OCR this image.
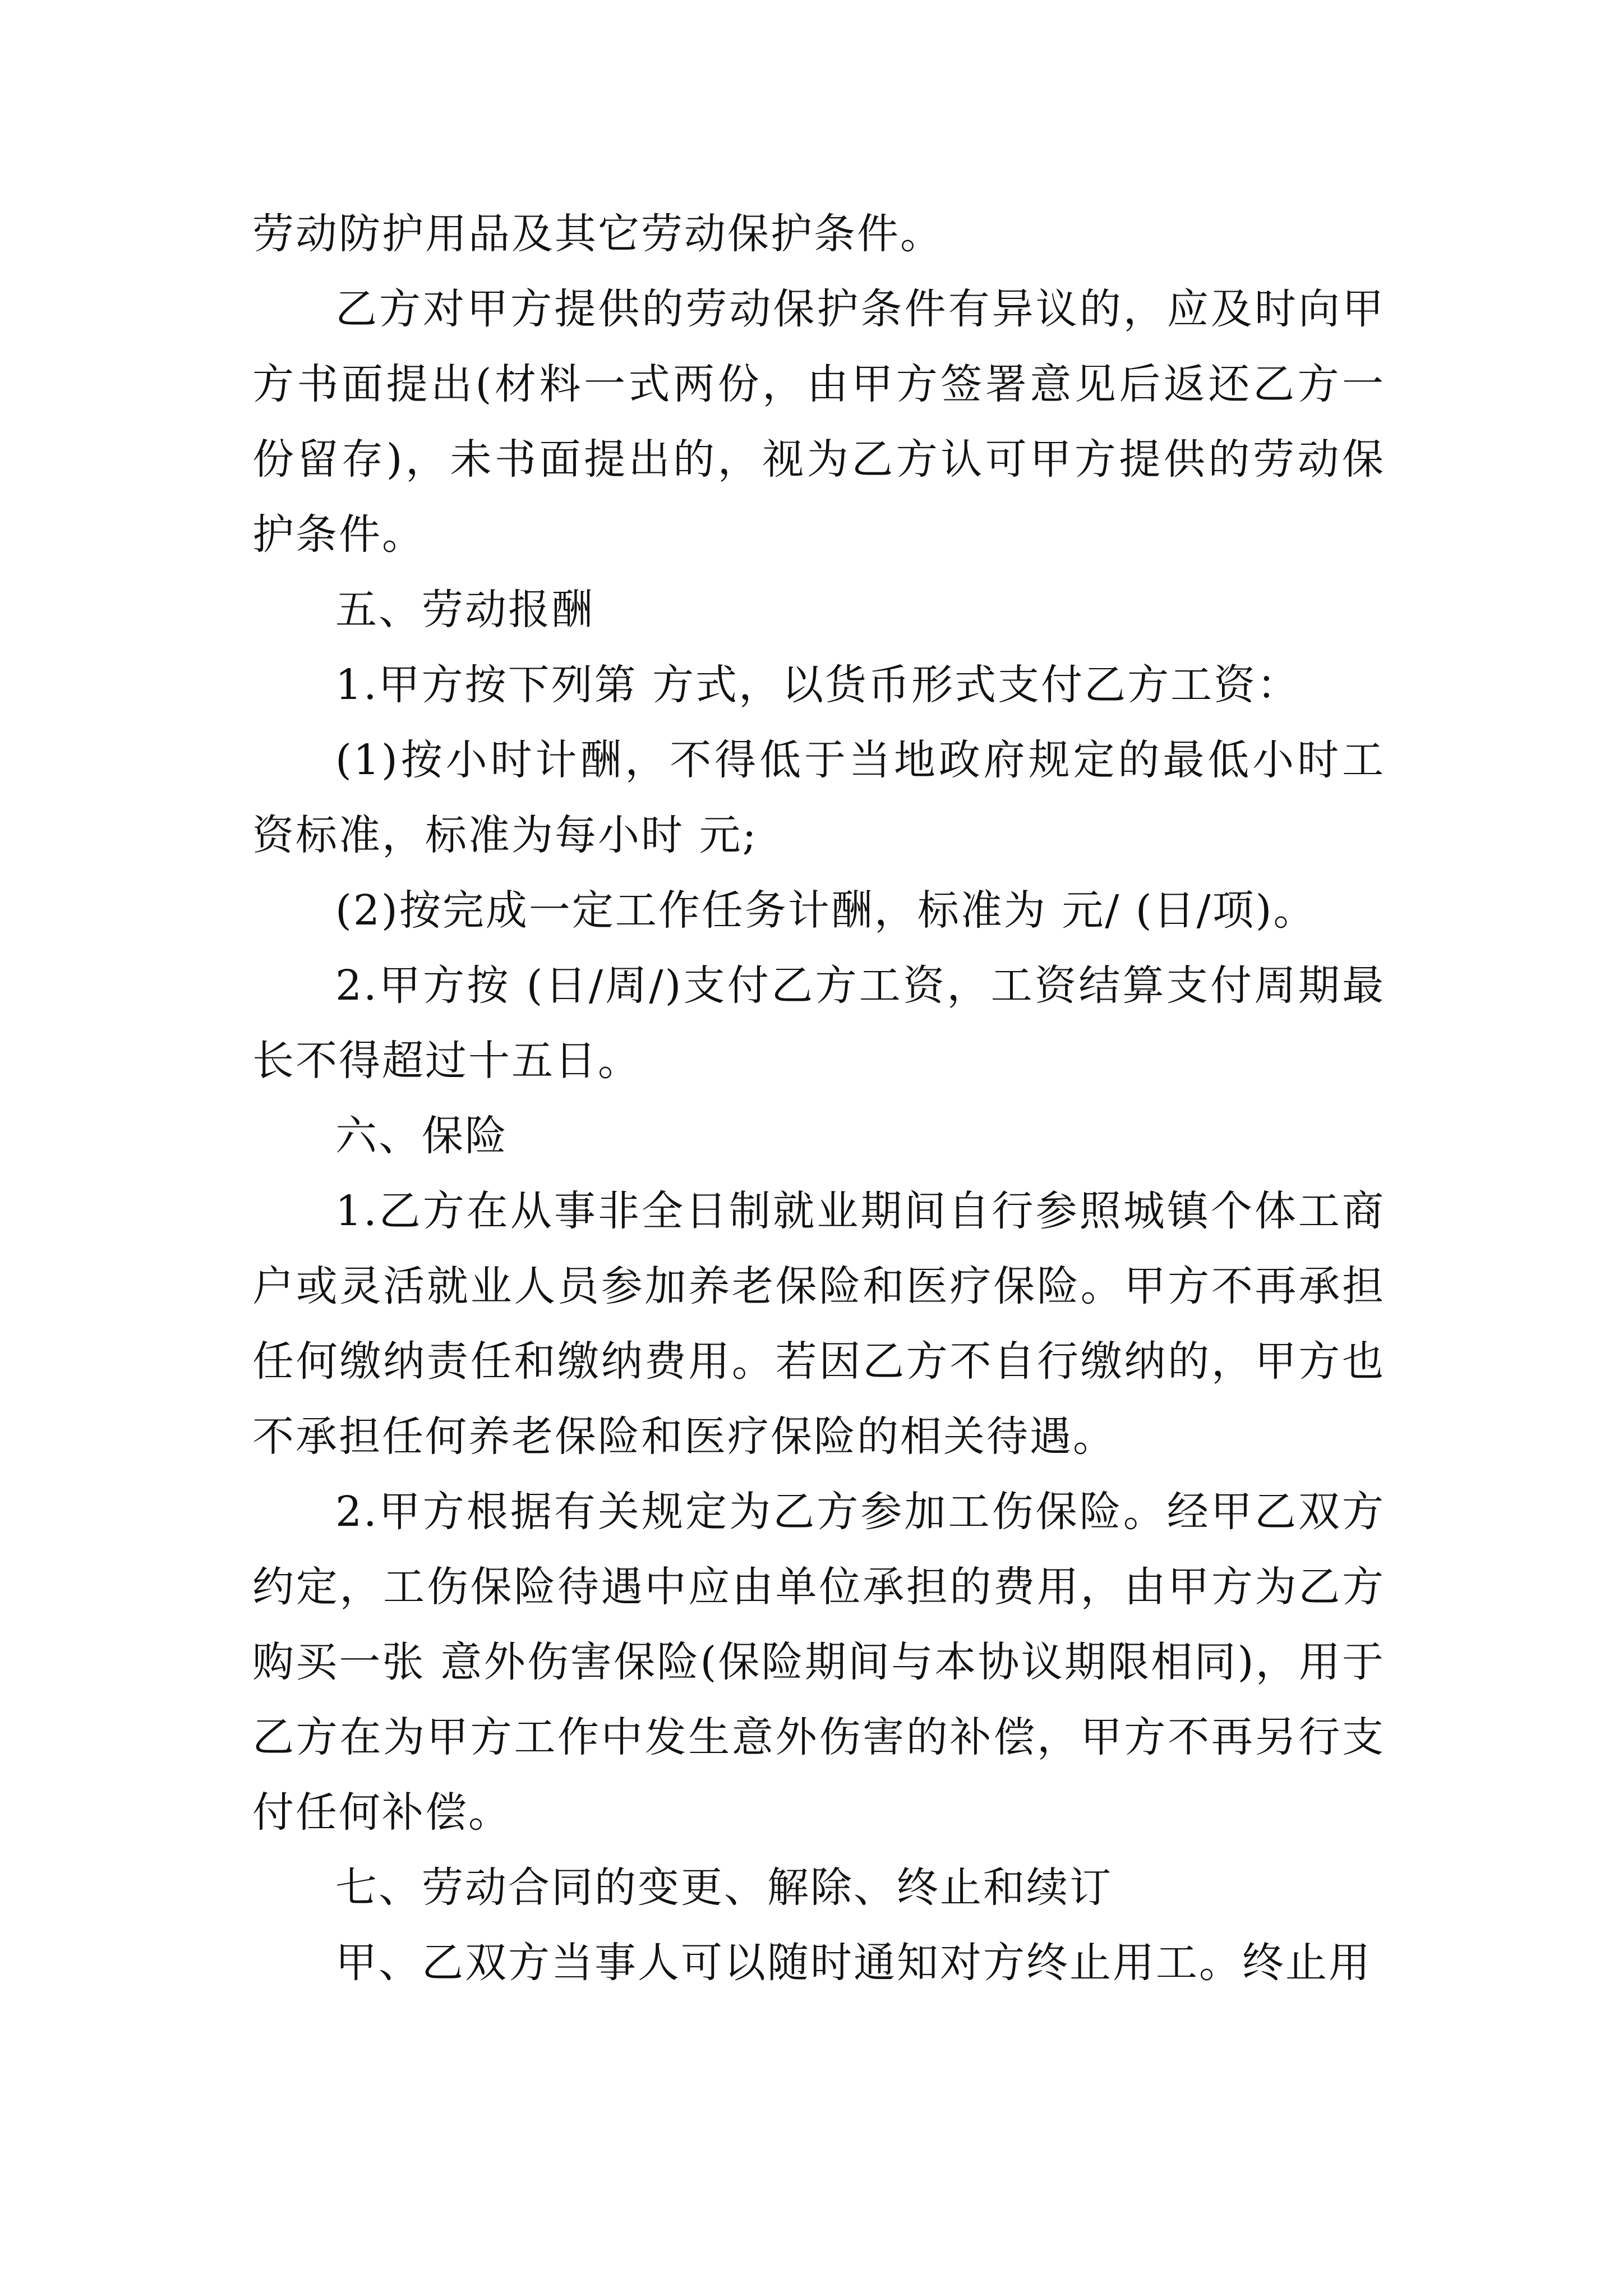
劳动防护用品及其它劳动保护条件。

乙方对甲方提供的劳动保护条件有异议的，应及时向甲方书面提出(材料一式两份，由甲方签署意见后返还乙方一份留存)，未书面提出的，视为乙方认可甲方提供的劳动保护条件。

五、劳动报酬

1.甲方按下列第 方式，以货币形式支付乙方工资：

(1)按小时计酬，不得低于当地政府规定的最低小时工资标准，标准为每小时 元;

(2)按完成一定工作任务计酬，标准为 元/ (日/项)。

2.甲方按 (日/周/)支付乙方工资，工资结算支付周期最长不得超过十五日。

六、保险

1.乙方在从事非全日制就业期间自行参照城镇个体工商户或灵活就业人员参加养老保险和医疗保险。甲方不再承担任何缴纳责任和缴纳费用。若因乙方不自行缴纳的，甲方也不承担任何养老保险和医疗保险的相关待遇。

2.甲方根据有关规定为乙方参加工伤保险。经甲乙双方约定，工伤保险待遇中应由单位承担的费用，由甲方为乙方购买一张 意外伤害保险(保险期间与本协议期限相同)，用于乙方在为甲方工作中发生意外伤害的补偿，甲方不再另行支付任何补偿。

七、劳动合同的变更、解除、终止和续订

甲、乙双方当事人可以随时通知对方终止用工。终止用
